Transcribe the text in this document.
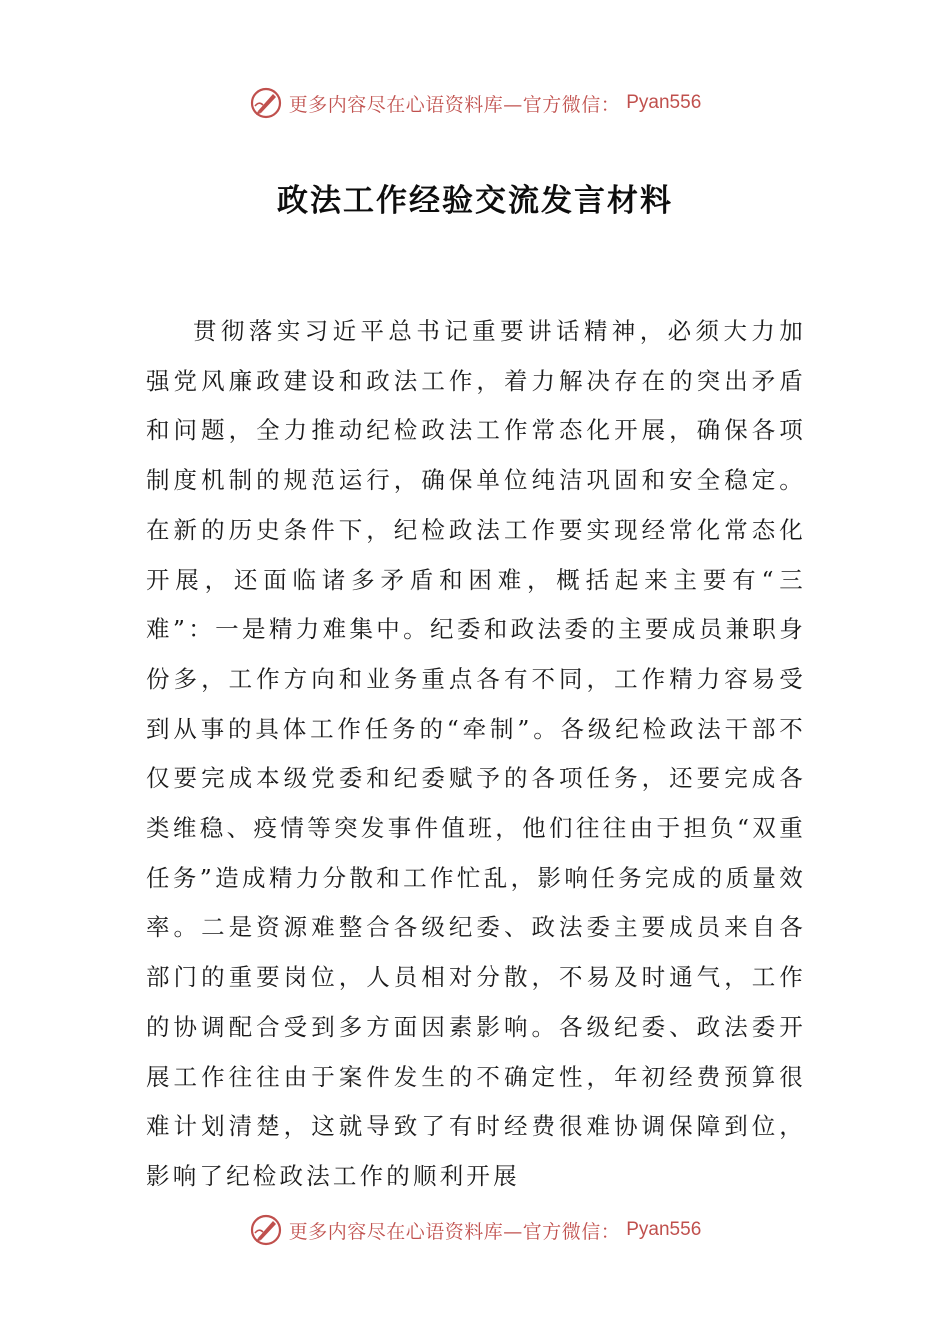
更多内容尽在心语资料库—官方微信： Pyan556
政法工作经验交流发言材料

贯彻落实习近平总书记重要讲话精神，必须大力加强党风廉政建设和政法工作，着力解决存在的突出矛盾和问题，全力推动纪检政法工作常态化开展，确保各项制度机制的规范运行，确保单位纯洁巩固和安全稳定。在新的历史条件下，纪检政法工作要实现经常化常态化开展，还面临诸多矛盾和困难，概括起来主要有“三难”：一是精力难集中。纪委和政法委的主要成员兼职身份多，工作方向和业务重点各有不同，工作精力容易受到从事的具体工作任务的“牵制”。各级纪检政法干部不仅要完成本级党委和纪委赋予的各项任务，还要完成各类维稳、疫情等突发事件值班，他们往往由于担负“双重任务”造成精力分散和工作忙乱，影响任务完成的质量效率。二是资源难整合各级纪委、政法委主要成员来自各部门的重要岗位，人员相对分散，不易及时通气，工作的协调配合受到多方面因素影响。各级纪委、政法委开展工作往往由于案件发生的不确定性，年初经费预算很难计划清楚，这就导致了有时经费很难协调保障到位，影响了纪检政法工作的顺利开展

更多内容尽在心语资料库—官方微信： Pyan556
